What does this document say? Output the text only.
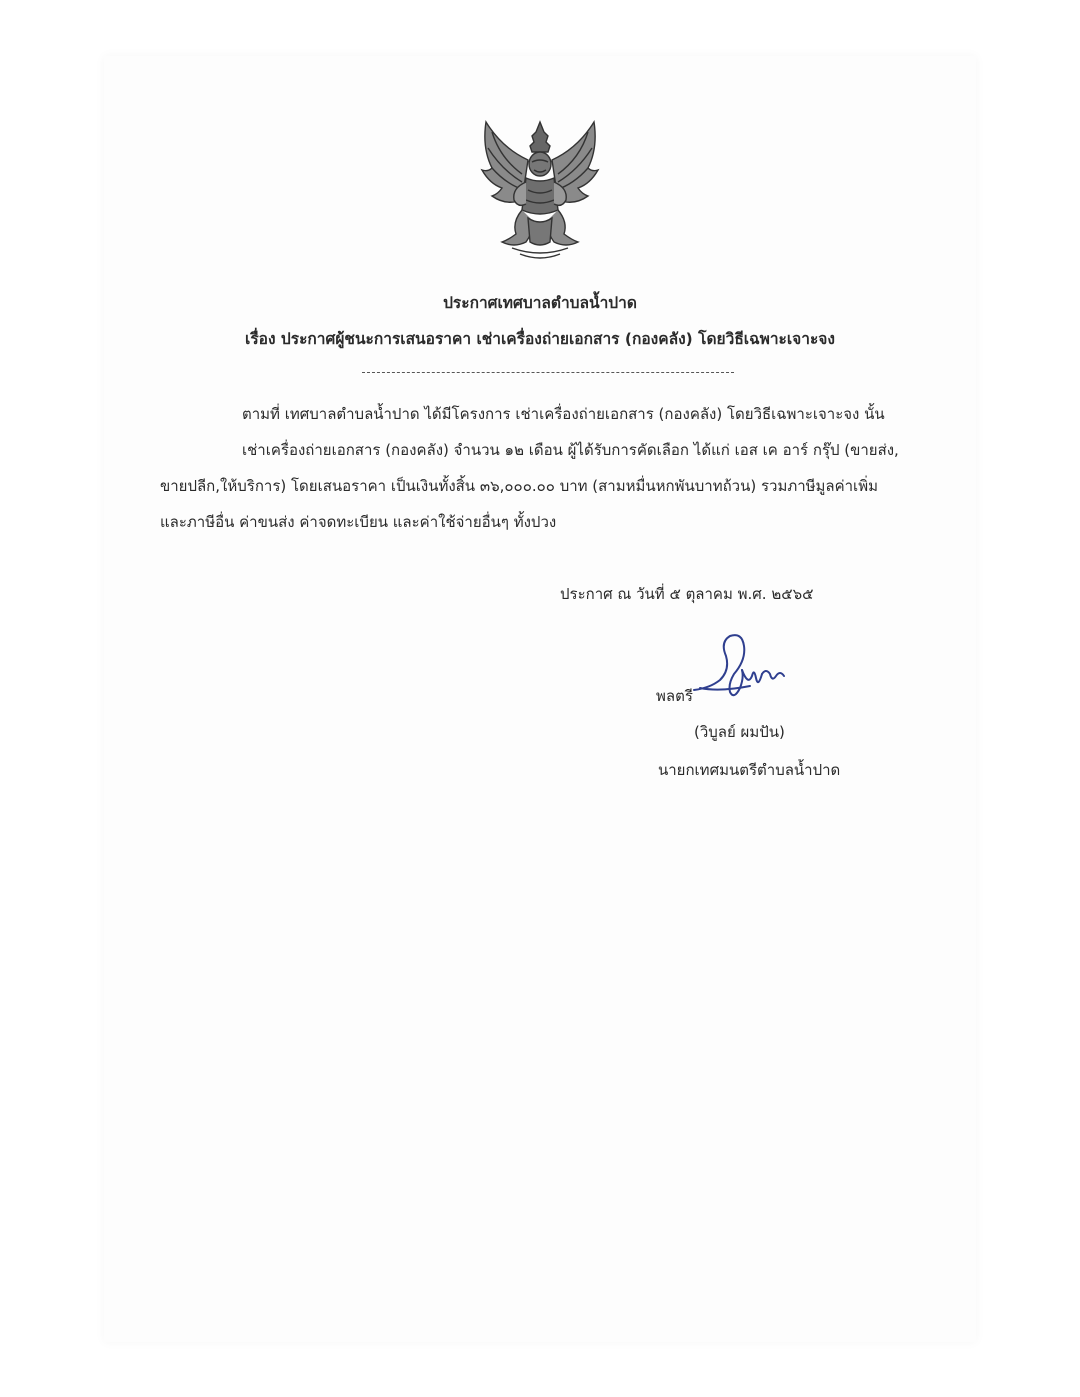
ประกาศเทศบาลตำบลน้ำปาด
เรื่อง ประกาศผู้ชนะการเสนอราคา เช่าเครื่องถ่ายเอกสาร (กองคลัง) โดยวิธีเฉพาะเจาะจง
ตามที่ เทศบาลตำบลน้ำปาด ได้มีโครงการ เช่าเครื่องถ่ายเอกสาร (กองคลัง) โดยวิธีเฉพาะเจาะจง นั้น
เช่าเครื่องถ่ายเอกสาร (กองคลัง) จำนวน ๑๒ เดือน ผู้ได้รับการคัดเลือก ได้แก่ เอส เค อาร์ กรุ๊ป (ขายส่ง,
ขายปลีก,ให้บริการ) โดยเสนอราคา เป็นเงินทั้งสิ้น ๓๖,๐๐๐.๐๐ บาท (สามหมื่นหกพันบาทถ้วน) รวมภาษีมูลค่าเพิ่ม
และภาษีอื่น ค่าขนส่ง ค่าจดทะเบียน และค่าใช้จ่ายอื่นๆ ทั้งปวง
ประกาศ ณ วันที่ ๕ ตุลาคม พ.ศ. ๒๕๖๕
พลตรี
(วิบูลย์ ผมปัน)
นายกเทศมนตรีตำบลน้ำปาด
